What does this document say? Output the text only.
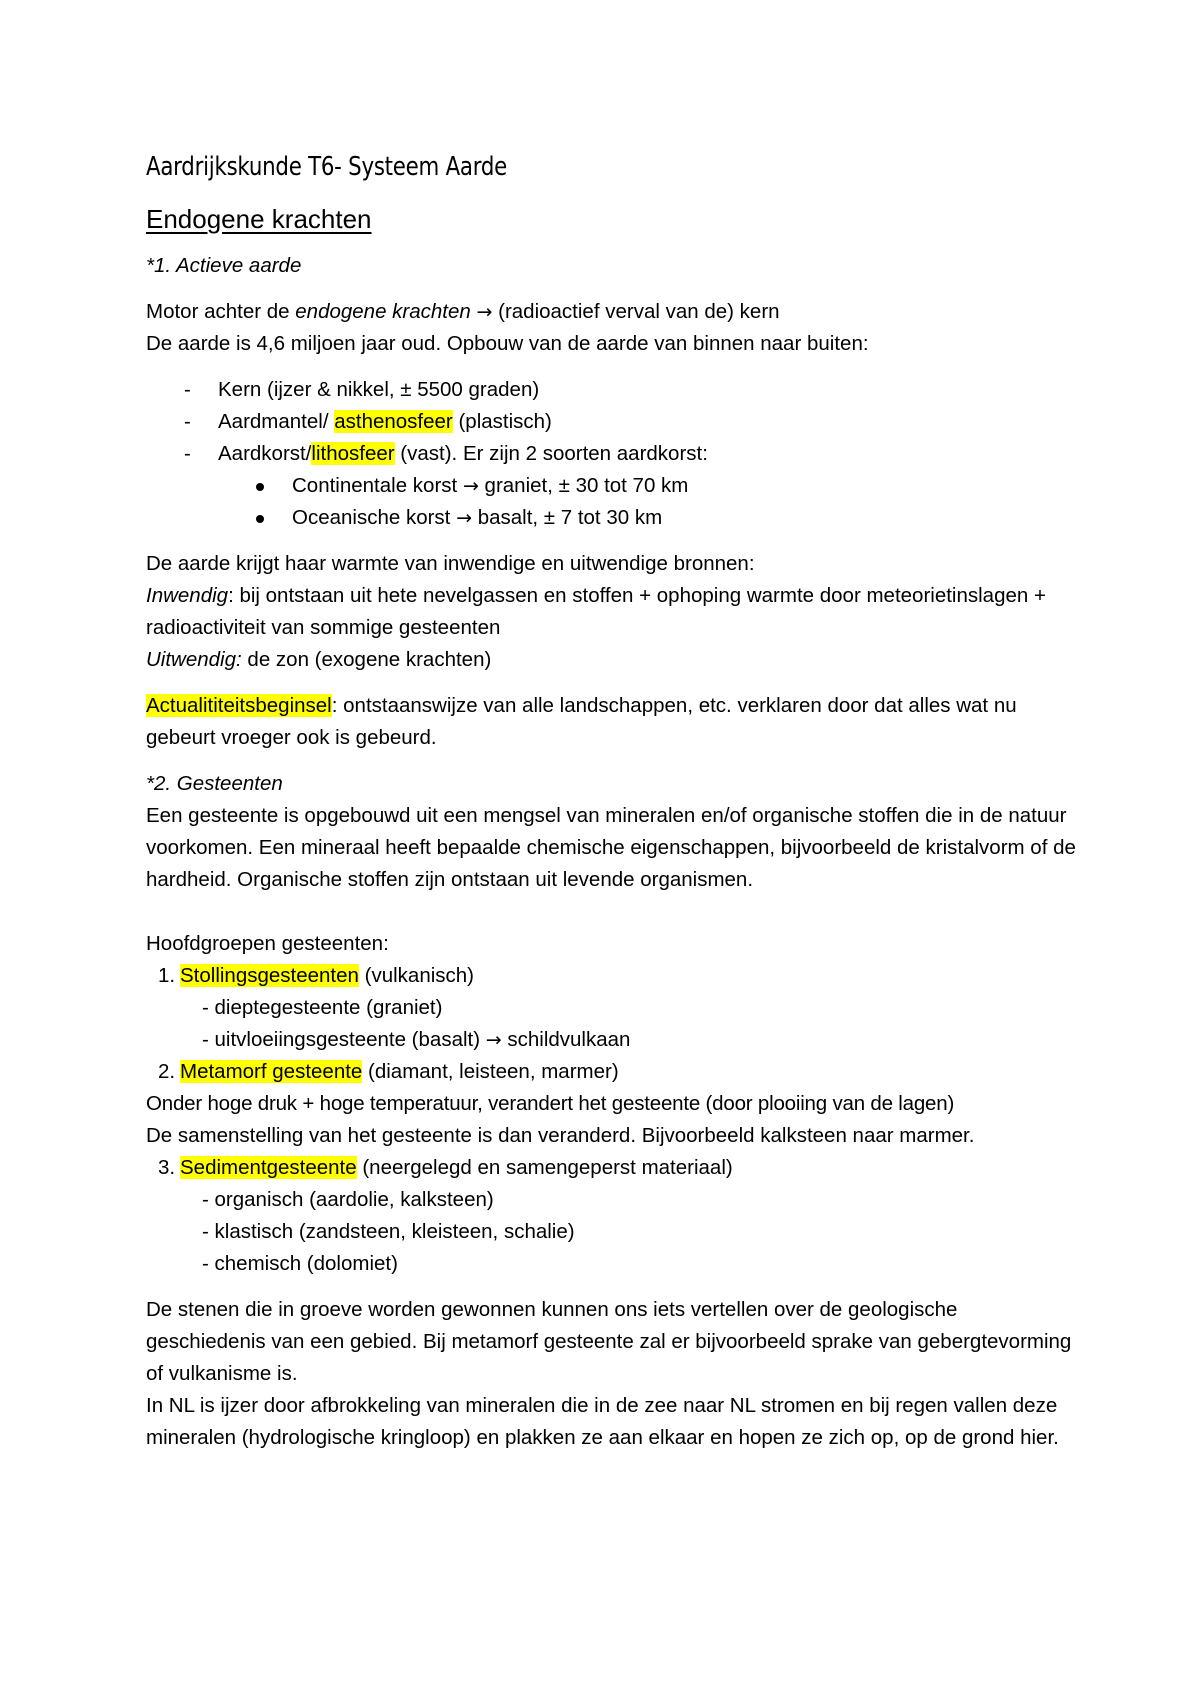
Aardrijkskunde T6- Systeem Aarde
Endogene krachten
*1. Actieve aarde

Motor achter de endogene krachten → (radioactief verval van de) kern

De aarde is 4,6 miljoen jaar oud. Opbouw van de aarde van binnen naar buiten:

- Kern (ijzer & nikkel, ± 5500 graden)
- Aardmantel/ asthenosfeer (plastisch)
- Aardkorst/lithosfeer (vast). Er zijn 2 soorten aardkorst:
Continentale korst → graniet, ± 30 tot 70 km
Oceanische korst → basalt, ± 7 tot 30 km

De aarde krijgt haar warmte van inwendige en uitwendige bronnen:

Inwendig: bij ontstaan uit hete nevelgassen en stoffen + ophoping warmte door meteorietinslagen + radioactiviteit van sommige gesteenten

Uitwendig: de zon (exogene krachten)

Actualititeitsbeginsel: ontstaanswijze van alle landschappen, etc. verklaren door dat alles wat nu gebeurt vroeger ook is gebeurd.

*2. Gesteenten

Een gesteente is opgebouwd uit een mengsel van mineralen en/of organische stoffen die in de natuur voorkomen. Een mineraal heeft bepaalde chemische eigenschappen, bijvoorbeeld de kristalvorm of de hardheid. Organische stoffen zijn ontstaan uit levende organismen.

Hoofdgroepen gesteenten:

1. Stollingsgesteenten (vulkanisch)
- dieptegesteente (graniet)
- uitvloeiingsgesteente (basalt) → schildvulkaan
2. Metamorf gesteente (diamant, leisteen, marmer)

Onder hoge druk + hoge temperatuur, verandert het gesteente (door plooiing van de lagen)

De samenstelling van het gesteente is dan veranderd. Bijvoorbeeld kalksteen naar marmer.

3. Sedimentgesteente (neergelegd en samengeperst materiaal)
- organisch (aardolie, kalksteen)
- klastisch (zandsteen, kleisteen, schalie)
- chemisch (dolomiet)

De stenen die in groeve worden gewonnen kunnen ons iets vertellen over de geologische geschiedenis van een gebied. Bij metamorf gesteente zal er bijvoorbeeld sprake van gebergtevorming of vulkanisme is.

In NL is ijzer door afbrokkeling van mineralen die in de zee naar NL stromen en bij regen vallen deze mineralen (hydrologische kringloop) en plakken ze aan elkaar en hopen ze zich op, op de grond hier.
